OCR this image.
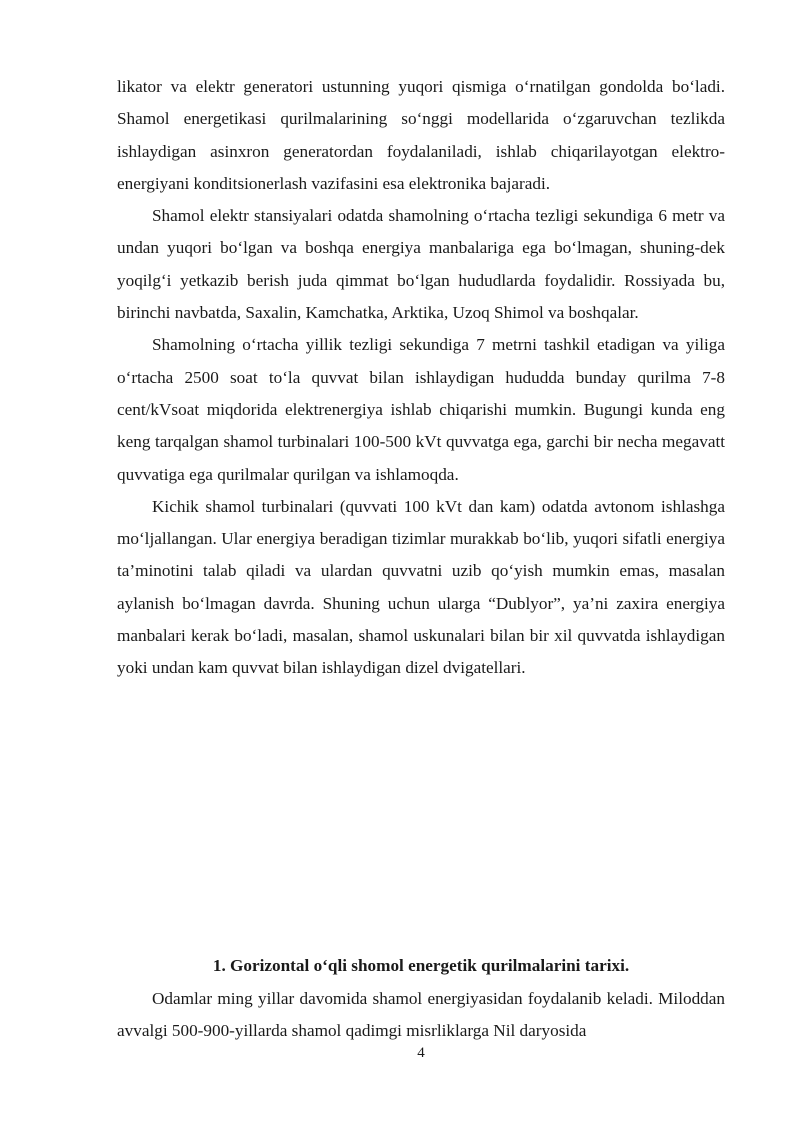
likator va elektr generatori ustunning yuqori qismiga o‘rnatilgan gondolda bo‘ladi. Shamol energetikasi qurilmalarining so‘nggi modellarida o‘zgaruvchan tezlikda ishlaydigan asinxron generatordan foydalaniladi, ishlab chiqarilayotgan elektro-energiyani konditsionerlash vazifasini esa elektronika bajaradi.

Shamol elektr stansiyalari odatda shamolning o‘rtacha tezligi sekundiga 6 metr va undan yuqori bo‘lgan va boshqa energiya manbalariga ega bo‘lmagan, shuning-dek yoqilg‘i yetkazib berish juda qimmat bo‘lgan hududlarda foydalidir. Rossiyada bu, birinchi navbatda, Saxalin, Kamchatka, Arktika, Uzoq Shimol va boshqalar.

Shamolning o‘rtacha yillik tezligi sekundiga 7 metrni tashkil etadigan va yiliga o‘rtacha 2500 soat to‘la quvvat bilan ishlaydigan hududda bunday qurilma 7-8 cent/kVsoat miqdorida elektrenergiya ishlab chiqarishi mumkin. Bugungi kunda eng keng tarqalgan shamol turbinalari 100-500 kVt quvvatga ega, garchi bir necha megavatt quvvatiga ega qurilmalar qurilgan va ishlamoqda.

Kichik shamol turbinalari (quvvati 100 kVt dan kam) odatda avtonom ishlashga mo‘ljallangan. Ular energiya beradigan tizimlar murakkab bo‘lib, yuqori sifatli energiya ta’minotini talab qiladi va ulardan quvvatni uzib qo‘yish mumkin emas, masalan aylanish bo‘lmagan davrda. Shuning uchun ularga “Dublyor”, ya’ni zaxira energiya manbalari kerak bo‘ladi, masalan, shamol uskunalari bilan bir xil quvvatda ishlaydigan yoki undan kam quvvat bilan ishlaydigan dizel dvigatellari.

1. Gorizontal o‘qli shomol energetik qurilmalarini tarixi.

Odamlar ming yillar davomida shamol energiyasidan foydalanib keladi. Miloddan avvalgi 500-900-yillarda shamol qadimgi misrliklarga Nil daryosida

4
